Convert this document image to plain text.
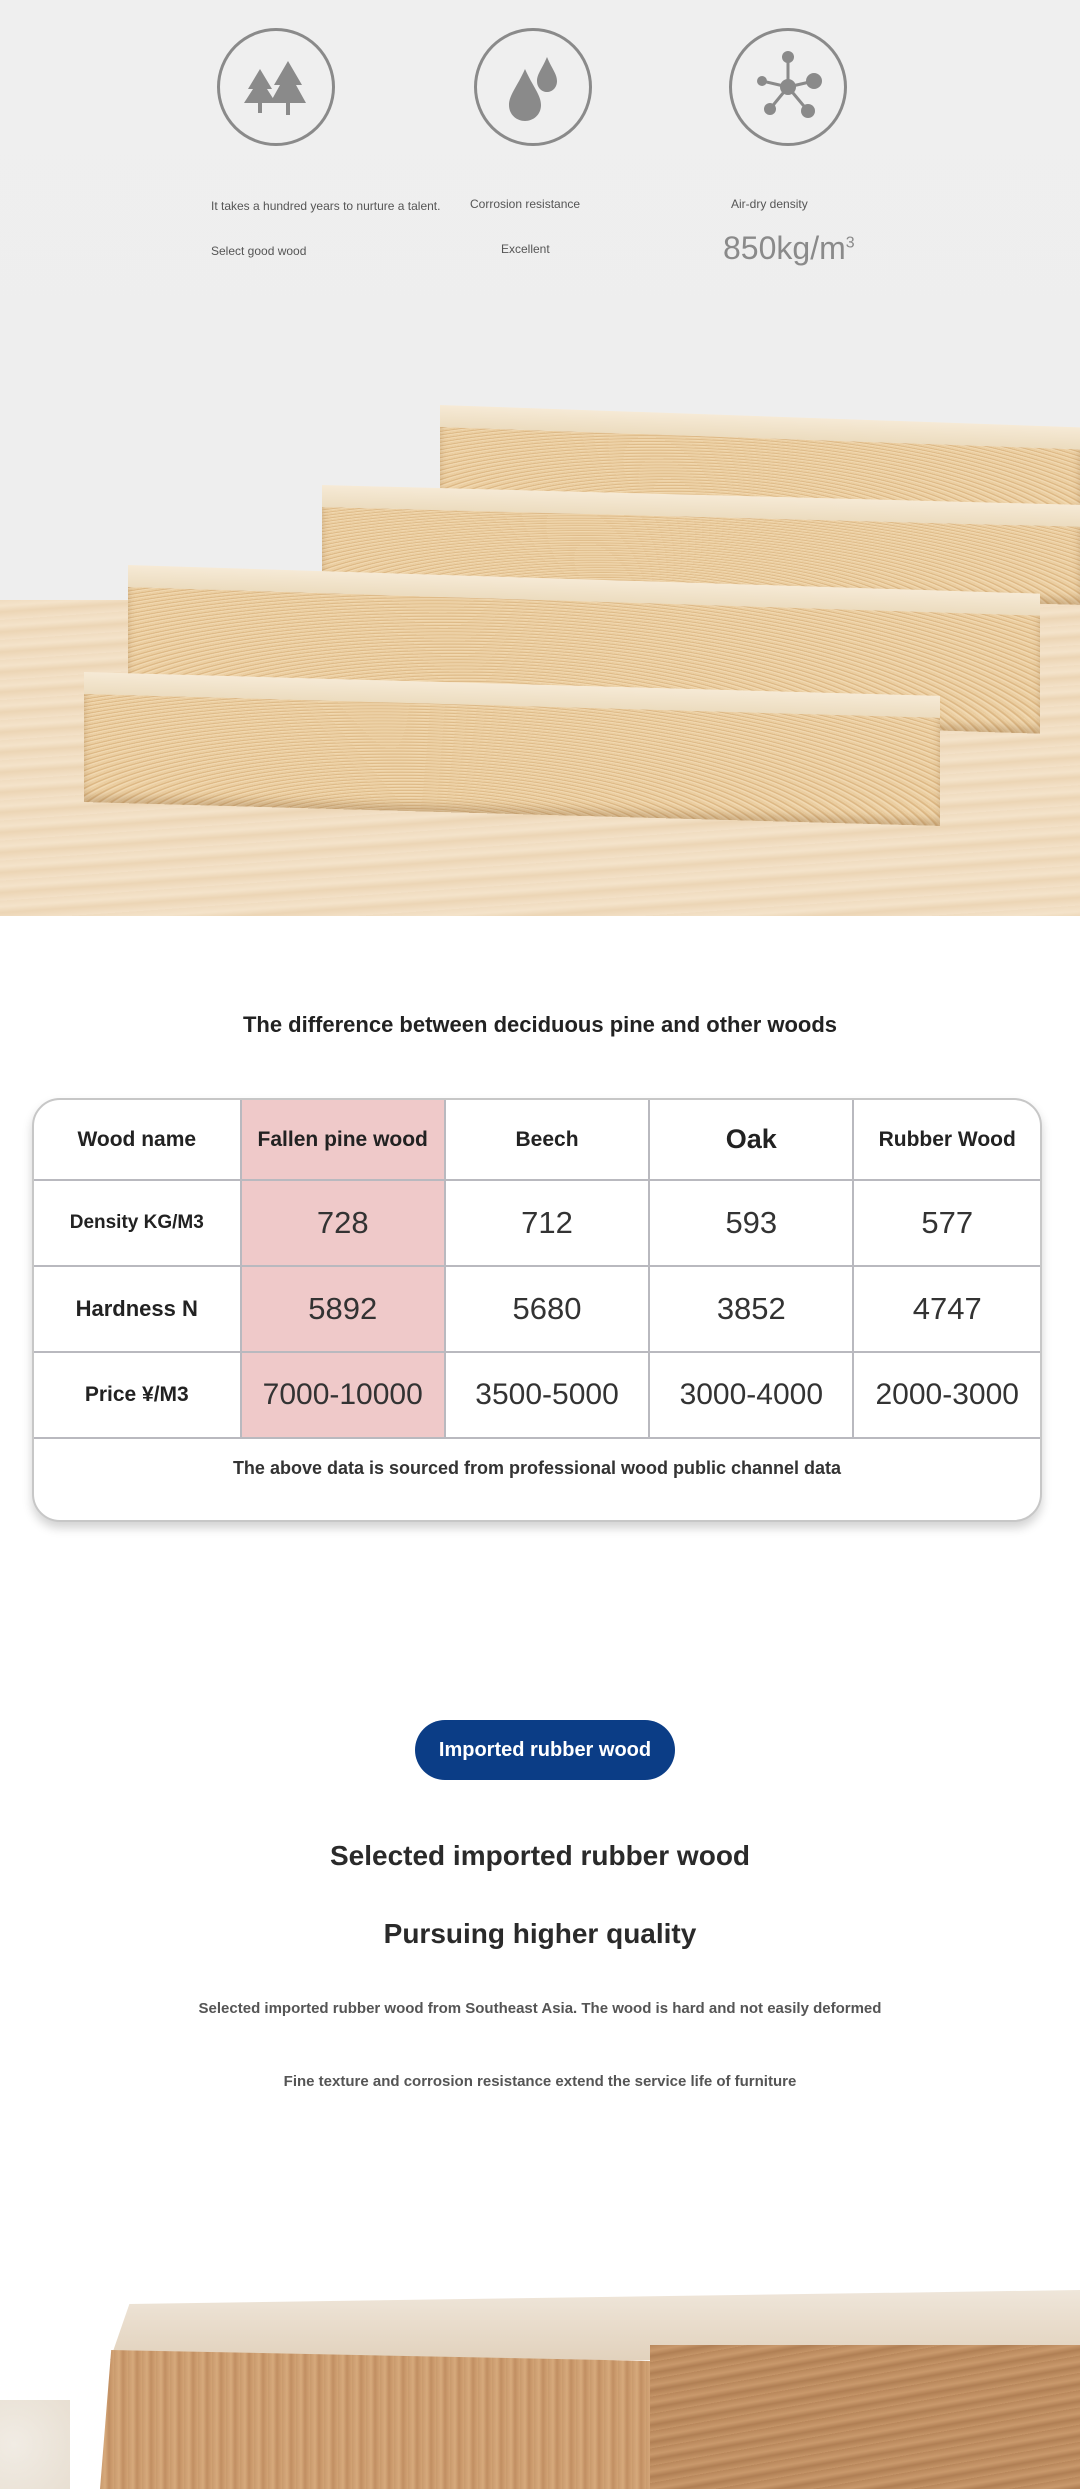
It takes a hundred years to nurture a talent.
Select good wood
Corrosion resistance
Excellent
Air-dry density
$850kg/m^3$
The difference between deciduous pine and other woods
Wood name	Fallen pine wood	Beech	Oak	Rubber Wood
Density KG/M3	728	712	593	577
Hardness N	5892	5680	3852	4747
Price ¥/M3	7000-10000	3500-5000	3000-4000	2000-3000
The above data is sourced from professional wood public channel data
Imported rubber wood
Selected imported rubber wood
Pursuing higher quality
Selected imported rubber wood from Southeast Asia. The wood is hard and not easily deformed
Fine texture and corrosion resistance extend the service life of furniture
